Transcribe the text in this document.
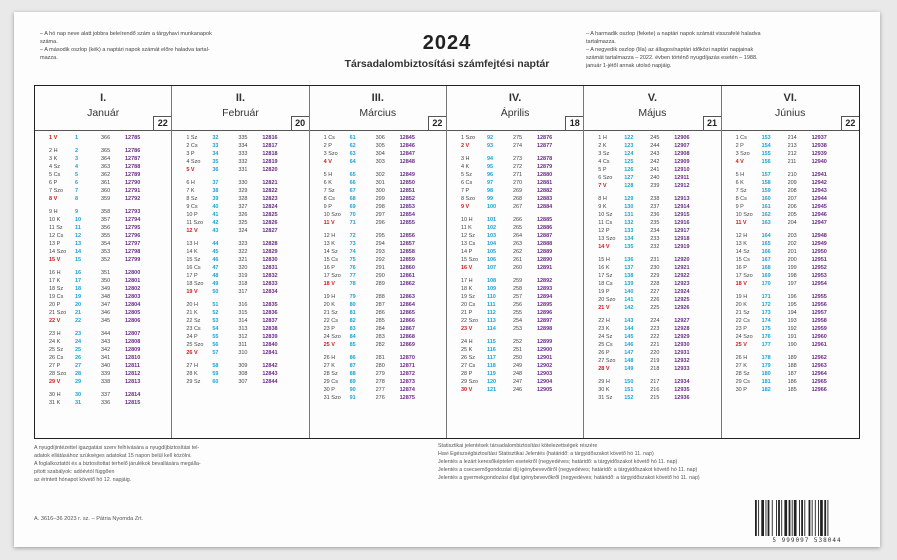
– A hó nap neve alatt jobbra beleírendő szám a tárgyhavi munkanapok
száma.
– A második oszlop (kék) a naptári napok számát előre haladva tartal-
mazza.
2024
Társadalombiztosítási számfejtési naptár
– A harmadik oszlop (fekete) a naptári napok számát visszafelé haladva
tartalmazza.
– A negyedik oszlop (lila) az állagos/naptári időközi naptári napjainak
számát tartalmazza – 2022. évben történő nyugdíjazás esetén – 1988.
január 1-jétől annak utolsó napjáig.
I.
Január
22
1 V	1	366	12785
2 H	2	365	12786
3 K	3	364	12787
4 Sz	4	363	12788
5 Cs	5	362	12789
6 P	6	361	12790
7 Szo 7	360	12791
8 V	8	359	12792
9 H	9	358	12793
10 K	10	357	12794
11 Sz 11	356	12795
12 Cs 12	355	12796
13 P	13	354	12797
14 Szo 14	353	12798
15 V	15	352	12799
16 H	16	351	12800
17 K	17	350	12801
18 Sz 18	349	12802
19 Cs 19	348	12803
20 P	20	347	12804
21 Szo 21	346	12805
22 V	22	345	12806
23 H	23	344	12807
24 K	24	343	12808
25 Sz 25	342	12809
26 Cs 26	341	12810
27 P	27	340	12811
28 Szo 28	339	12812
29 V	29	338	12813
30 H	30	337	12814
31 K	31	336	12815
II.
Február
20
1 Sz	32	335	12816
2 Cs	33	334	12817
3 P	34	333	12818
4 Szo 35	332	12819
5 V	36	331	12820
6 H	37	330	12821
7 K	38	329	12822
8 Sz	39	328	12823
9 Cs	40	327	12824
10 P	41	326	12825
11 Szo 42	325	12826
12 V	43	324	12827
13 H	44	323	12828
14 K	45	322	12829
15 Sz 46	321	12830
16 Cs 47	320	12831
17 P	48	319	12832
18 Szo 49	318	12833
19 V	50	317	12834
20 H	51	316	12835
21 K	52	315	12836
22 Sz 53	314	12837
23 Cs 54	313	12838
24 P	55	312	12839
25 Szo 56	311	12840
26 V	57	310	12841
27 H	58	309	12842
28 K	59	308	12843
29 Sz 60	307	12844
III.
Március
22
1 Cs	61	306	12845
2 P	62	305	12846
3 Szo 63	304	12847
4 V	64	303	12848
5 H	65	302	12849
6 K	66	301	12850
7 Sz	67	300	12851
8 Cs	68	299	12852
9 P	69	298	12853
10 Szo 70	297	12854
11 V	71	296	12855
12 H	72	295	12856
13 K	73	294	12857
14 Sz 74	293	12858
15 Cs 75	292	12859
16 P	76	291	12860
17 Szo 77	290	12861
18 V	78	289	12862
19 H	79	288	12863
20 K	80	287	12864
21 Sz 81	286	12865
22 Cs 82	285	12866
23 P	83	284	12867
24 Szo 84	283	12868
25 V	85	282	12869
26 H	86	281	12870
27 K	87	280	12871
28 Sz 88	279	12872
29 Cs 89	278	12873
30 P	90	277	12874
31 Szo 91	276	12875
IV.
Április
18
1 Szo 92	275	12876
2 V	93	274	12877
3 H	94	273	12878
4 K	95	272	12879
5 Sz	96	271	12880
6 Cs	97	270	12881
7 P	98	269	12882
8 Szo 99	268	12883
9 V	100	267	12884
10 H	101	266	12885
11 K	102	265	12886
12 Sz 103	264	12887
13 Cs 104	263	12888
14 P	105	262	12889
15 Szo 106	261	12890
16 V	107	260	12891
17 H	108	259	12892
18 K	109	258	12893
19 Sz 110	257	12894
20 Cs 111	256	12895
21 P	112	255	12896
22 Szo 113	254	12897
23 V	114	253	12898
24 H	115	252	12899
25 K	116	251	12900
26 Sz 117	250	12901
27 Cs 118	249	12902
28 P	119	248	12903
29 Szo 120	247	12904
30 V	121	246	12905
V.
Május
21
1 H	122	245	12906
2 K	123	244	12907
3 Sz	124	243	12908
4 Cs	125	242	12909
5 P	126	241	12910
6 Szo 127	240	12911
7 V	128	239	12912
8 H	129	238	12913
9 K	130	237	12914
10 Sz 131	236	12915
11 Cs 132	235	12916
12 P	133	234	12917
13 Szo 134	233	12918
14 V	135	232	12919
15 H	136	231	12920
16 K	137	230	12921
17 Sz 138	229	12922
18 Cs 139	228	12923
19 P	140	227	12924
20 Szo 141	226	12925
21 V	142	225	12926
22 H	143	224	12927
23 K	144	223	12928
24 Sz 145	222	12929
25 Cs 146	221	12930
26 P	147	220	12931
27 Szo 148	219	12932
28 V	149	218	12933
29 H	150	217	12934
30 K	151	216	12935
31 Sz 152	215	12936
VI.
Június
22
1 Cs	153	214	12937
2 P	154	213	12938
3 Szo 155	212	12939
4 V	156	211	12940
5 H	157	210	12941
6 K	158	209	12942
7 Sz	159	208	12943
8 Cs	160	207	12944
9 P	161	206	12945
10 Szo 162	205	12946
11 V	163	204	12947
12 H	164	203	12948
13 K	165	202	12949
14 Sz 166	201	12950
15 Cs 167	200	12951
16 P	168	199	12952
17 Szo 169	198	12953
18 V	170	197	12954
19 H	171	196	12955
20 K	172	195	12956
21 Sz 173	194	12957
22 Cs 174	193	12958
23 P	175	192	12959
24 Szo 176	191	12960
25 V	177	190	12961
26 H	178	189	12962
27 K	179	188	12963
28 Sz 180	187	12964
29 Cs 181	186	12965
30 P	182	185	12966
A nyugdíjintézettel igazgatási szerv felhívására a nyugdíjbiztosítási tel-
adatok ellátásához szükséges adatokat 15 napon belül kell közölni.
A foglalkoztatót és a biztosítottat terhelő járulékok bevallására megálla-
pított szabályok: adóévtól függően
az érintett hónapot követő hó 12. napjáig.
Statisztikai jelentések társadalombiztosítási kötelezettségek részére
Havi Egészségbiztosítási Statisztikai Jelentés (határidő: a tárgyidőszakot követő hó 11. nap)
Jelentés a lezárt keresőképtelen esetekről (negyedéves; határidő: a tárgyidőszakot követő hó 11. nap)
Jelentés a csecsemőgondozási díj igénybevevőiről (negyedéves; határidő: a tárgyidőszakot követő hó 11. nap)
Jelentés a gyermekgondozási díjat igénybevevőkről (negyedéves; határidő: a tárgyidőszakot követő hó 11. nap)
A. 3616–36 2023 r. sz. – Pátria Nyomda Zrt.
5 999097 538044
